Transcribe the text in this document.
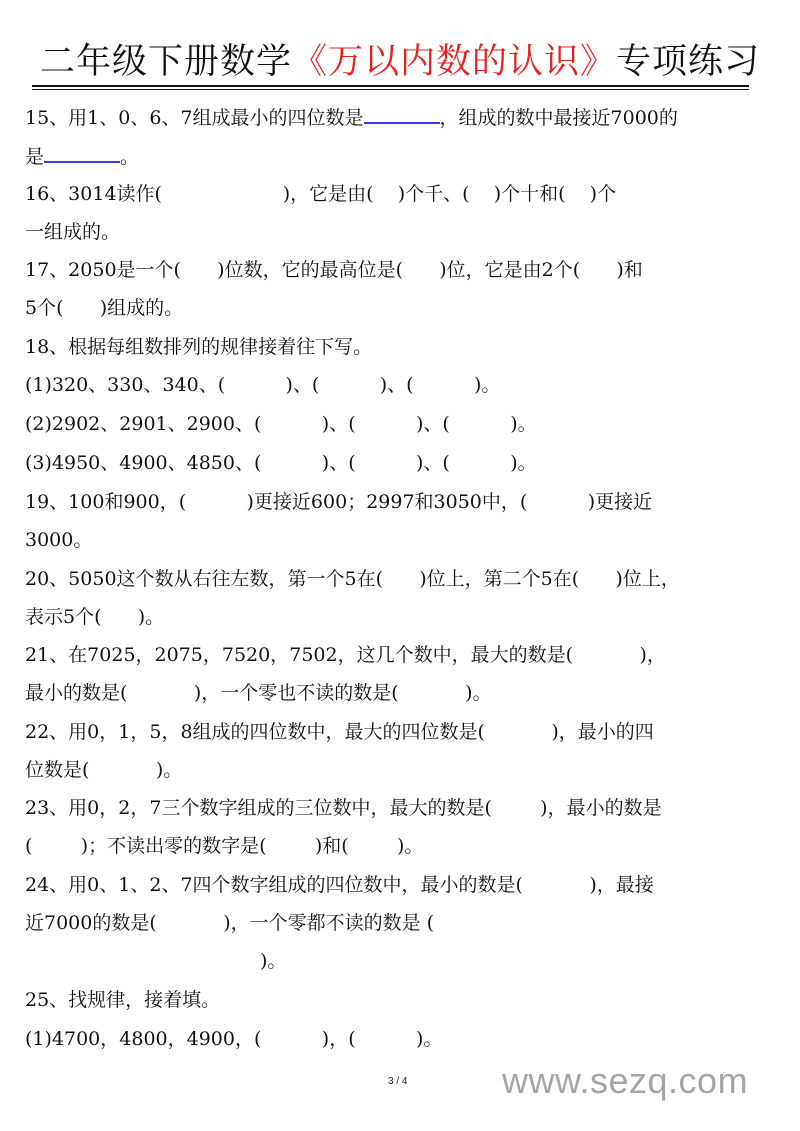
二年级下册数学《万以内数的认识》专项练习
15、用1、0、6、7组成最小的四位数是	，组成的数中最接近7000的
是	。
16、3014读作(                    )，它是由(    )个千、(    )个十和(    )个
一组成的。
17、2050是一个(      )位数，它的最高位是(      )位，它是由2个(      )和
5个(      )组成的。
18、根据每组数排列的规律接着往下写。
(1)320、330、340、(          )、(          )、(          )。
(2)2902、2901、2900、(          )、(          )、(          )。
(3)4950、4900、4850、(          )、(          )、(          )。
19、100和900，(          )更接近600；2997和3050中，(          )更接近
3000。
20、5050这个数从右往左数，第一个5在(      )位上，第二个5在(      )位上，
表示5个(      )。
21、在7025，2075，7520，7502，这几个数中，最大的数是(           )，
最小的数是(           )，一个零也不读的数是(           )。
22、用0，1，5，8组成的四位数中，最大的四位数是(           )，最小的四
位数是(           )。
23、用0，2，7三个数字组成的三位数中，最大的数是(        )，最小的数是
(        )；不读出零的数字是(        )和(        )。
24、用0、1、2、7四个数字组成的四位数中，最小的数是(           )，最接
近7000的数是(           )，一个零都不读的数是 (
)。
25、找规律，接着填。
(1)4700，4800，4900，(          )，(          )。
3 / 4	www.sezq.com
